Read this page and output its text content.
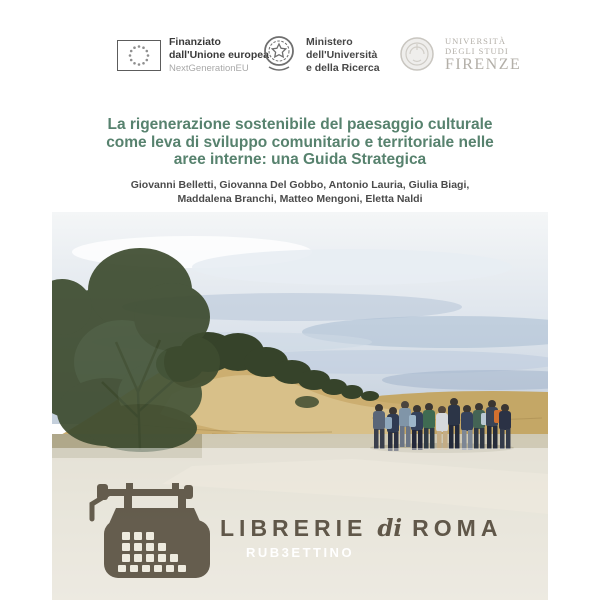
Finanziato
dall'Unione europea
NextGenerationEU
Ministero
dell'Università
e della Ricerca
UNIVERSITÀ
DEGLI STUDI
FIRENZE
La rigenerazione sostenibile del paesaggio culturale
come leva di sviluppo comunitario e territoriale nelle
aree interne: una Guida Strategica
Giovanni Belletti, Giovanna Del Gobbo, Antonio Lauria, Giulia Biagi,
Maddalena Branchi, Matteo Mengoni, Eletta Naldi
LIBRERIE di ROMA
RUB3ETTINO
